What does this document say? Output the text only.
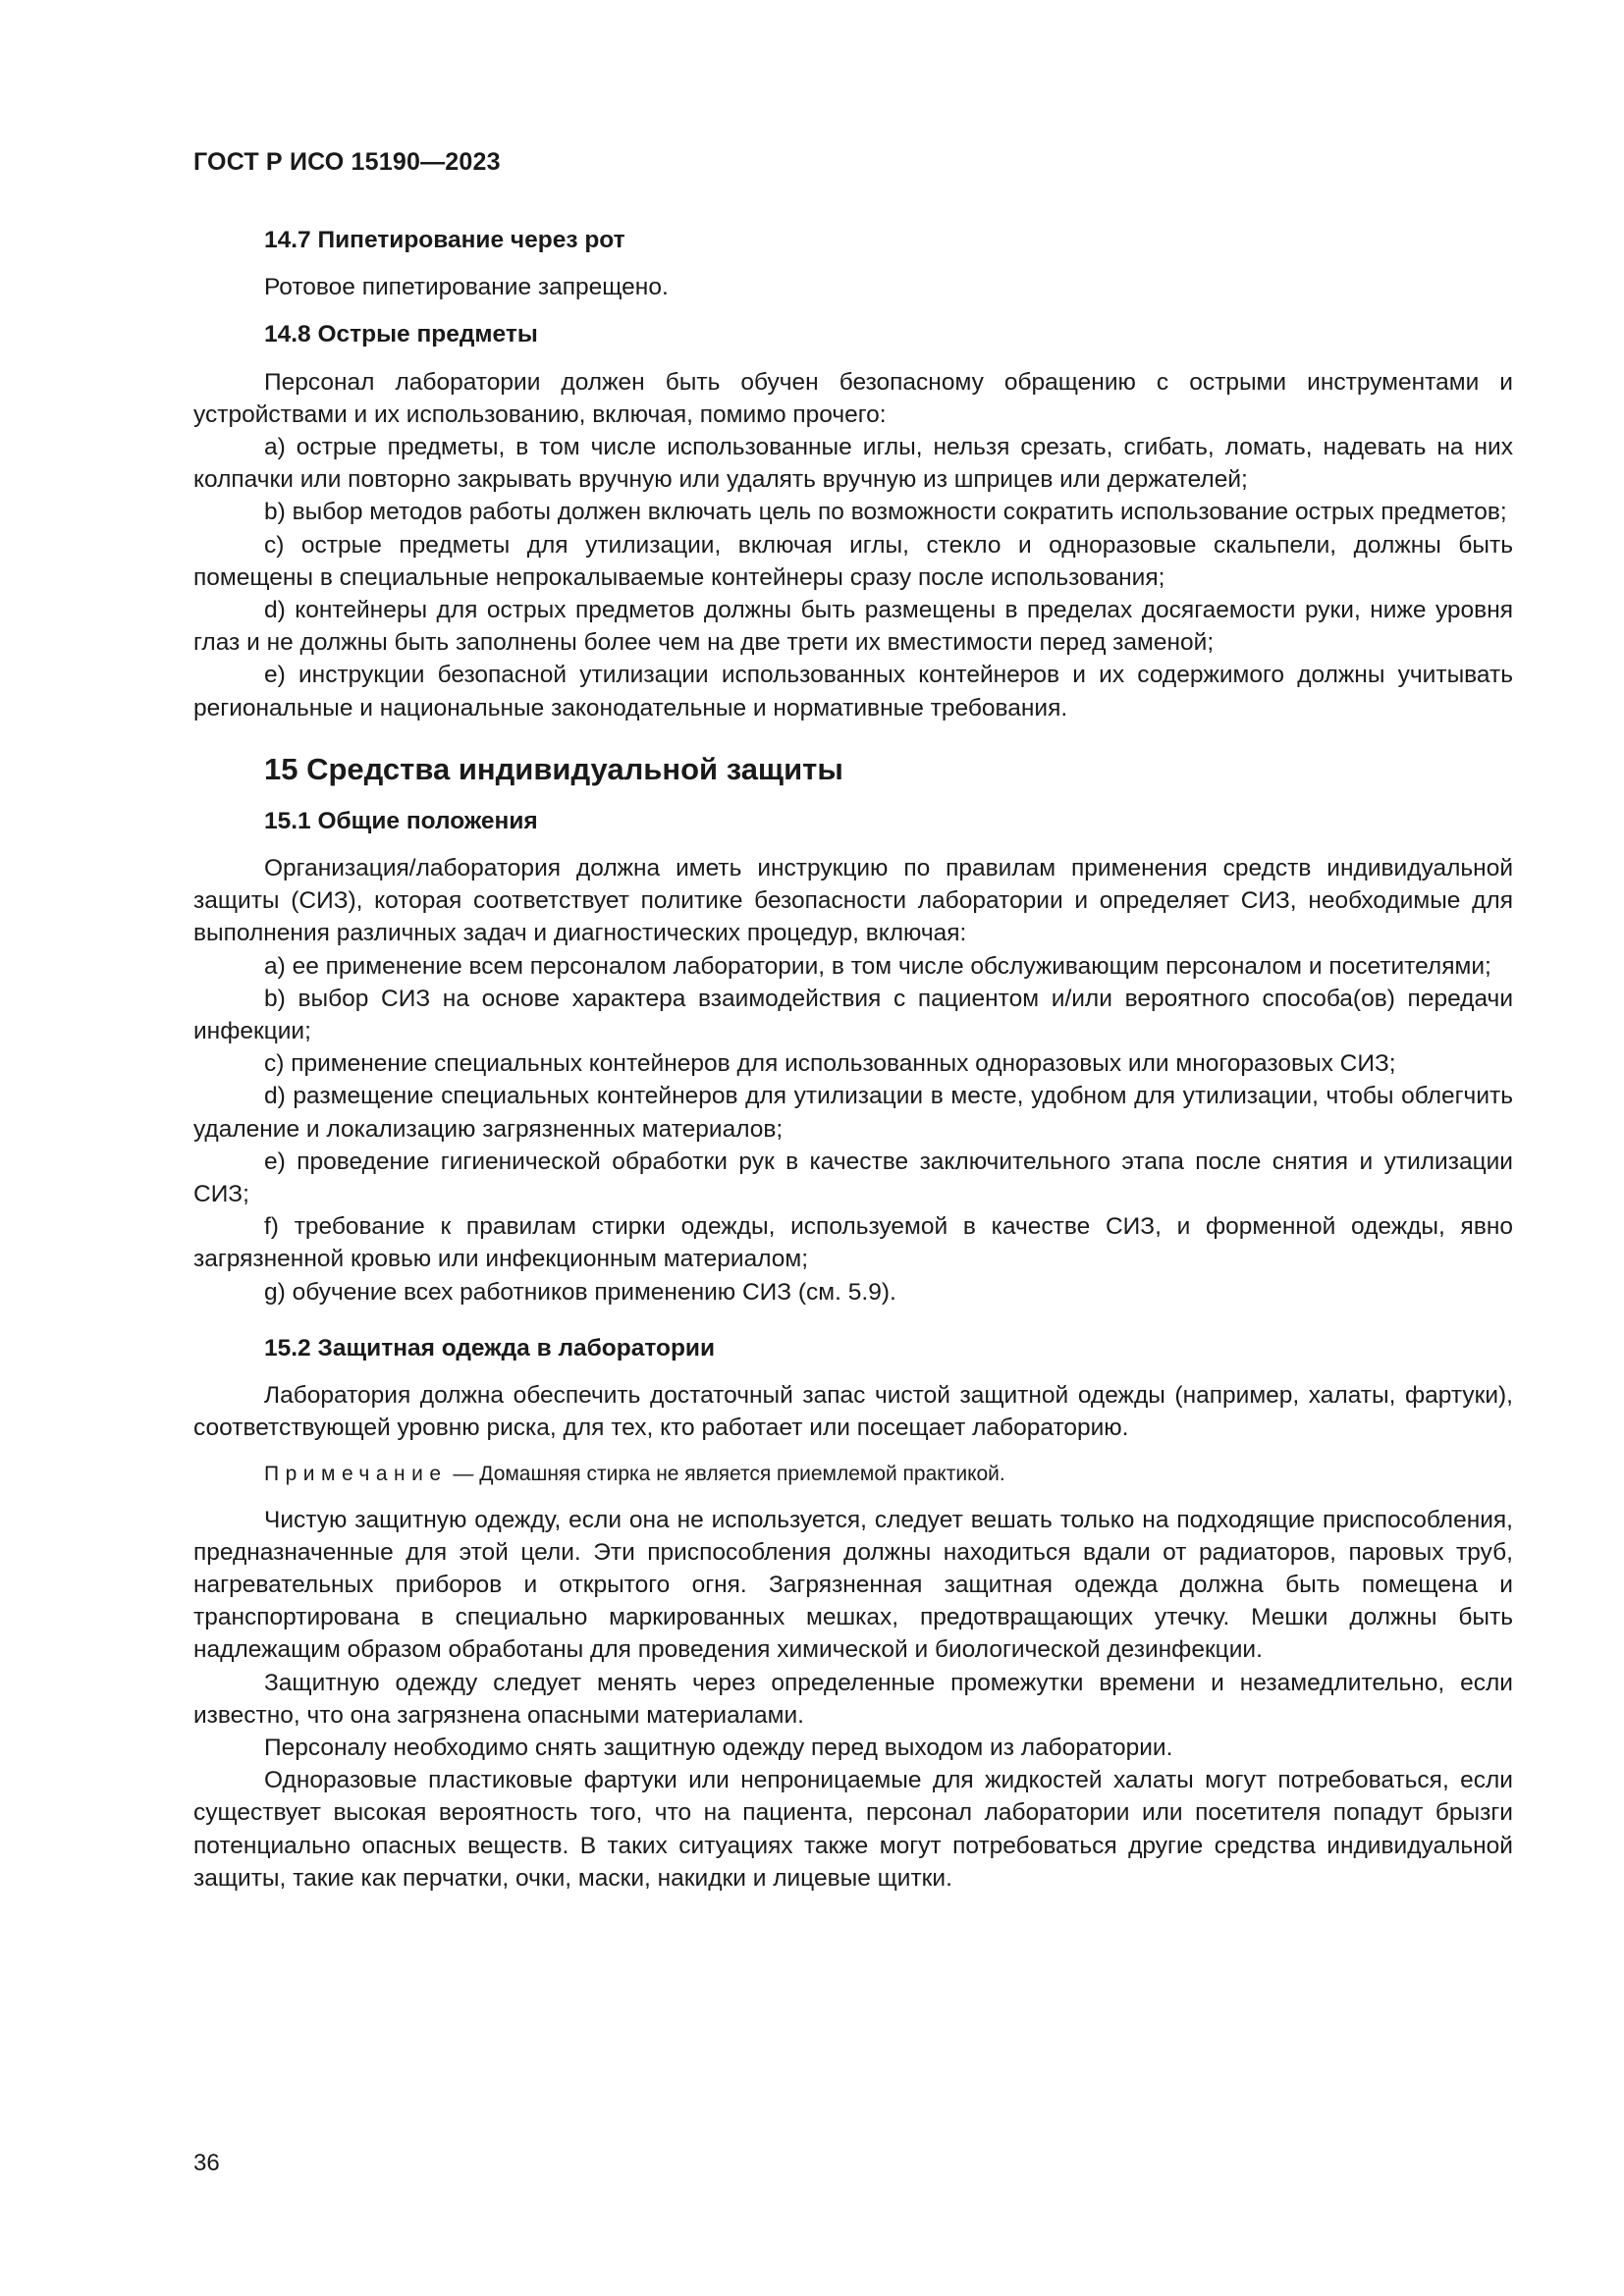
ГОСТ Р ИСО 15190—2023

14.7 Пипетирование через рот

Ротовое пипетирование запрещено.

14.8 Острые предметы

Персонал лаборатории должен быть обучен безопасному обращению с острыми инструментами и устройствами и их использованию, включая, помимо прочего:

а) острые предметы, в том числе использованные иглы, нельзя срезать, сгибать, ломать, надевать на них колпачки или повторно закрывать вручную или удалять вручную из шприцев или держателей;

b) выбор методов работы должен включать цель по возможности сократить использование острых предметов;

c) острые предметы для утилизации, включая иглы, стекло и одноразовые скальпели, должны быть помещены в специальные непрокалываемые контейнеры сразу после использования;

d) контейнеры для острых предметов должны быть размещены в пределах досягаемости руки, ниже уровня глаз и не должны быть заполнены более чем на две трети их вместимости перед заменой;

e) инструкции безопасной утилизации использованных контейнеров и их содержимого должны учитывать региональные и национальные законодательные и нормативные требования.

15 Средства индивидуальной защиты

15.1 Общие положения

Организация/лаборатория должна иметь инструкцию по правилам применения средств индивидуальной защиты (СИЗ), которая соответствует политике безопасности лаборатории и определяет СИЗ, необходимые для выполнения различных задач и диагностических процедур, включая:

а) ее применение всем персоналом лаборатории, в том числе обслуживающим персоналом и посетителями;

b) выбор СИЗ на основе характера взаимодействия с пациентом и/или вероятного способа(ов) передачи инфекции;

c) применение специальных контейнеров для использованных одноразовых или многоразовых СИЗ;

d) размещение специальных контейнеров для утилизации в месте, удобном для утилизации, чтобы облегчить удаление и локализацию загрязненных материалов;

e) проведение гигиенической обработки рук в качестве заключительного этапа после снятия и утилизации СИЗ;

f) требование к правилам стирки одежды, используемой в качестве СИЗ, и форменной одежды, явно загрязненной кровью или инфекционным материалом;

g) обучение всех работников применению СИЗ (см. 5.9).

15.2 Защитная одежда в лаборатории

Лаборатория должна обеспечить достаточный запас чистой защитной одежды (например, халаты, фартуки), соответствующей уровню риска, для тех, кто работает или посещает лабораторию.

Примечание — Домашняя стирка не является приемлемой практикой.

Чистую защитную одежду, если она не используется, следует вешать только на подходящие приспособления, предназначенные для этой цели. Эти приспособления должны находиться вдали от радиаторов, паровых труб, нагревательных приборов и открытого огня. Загрязненная защитная одежда должна быть помещена и транспортирована в специально маркированных мешках, предотвращающих утечку. Мешки должны быть надлежащим образом обработаны для проведения химической и биологической дезинфекции.

Защитную одежду следует менять через определенные промежутки времени и незамедлительно, если известно, что она загрязнена опасными материалами.

Персоналу необходимо снять защитную одежду перед выходом из лаборатории.

Одноразовые пластиковые фартуки или непроницаемые для жидкостей халаты могут потребоваться, если существует высокая вероятность того, что на пациента, персонал лаборатории или посетителя попадут брызги потенциально опасных веществ. В таких ситуациях также могут потребоваться другие средства индивидуальной защиты, такие как перчатки, очки, маски, накидки и лицевые щитки.

36
